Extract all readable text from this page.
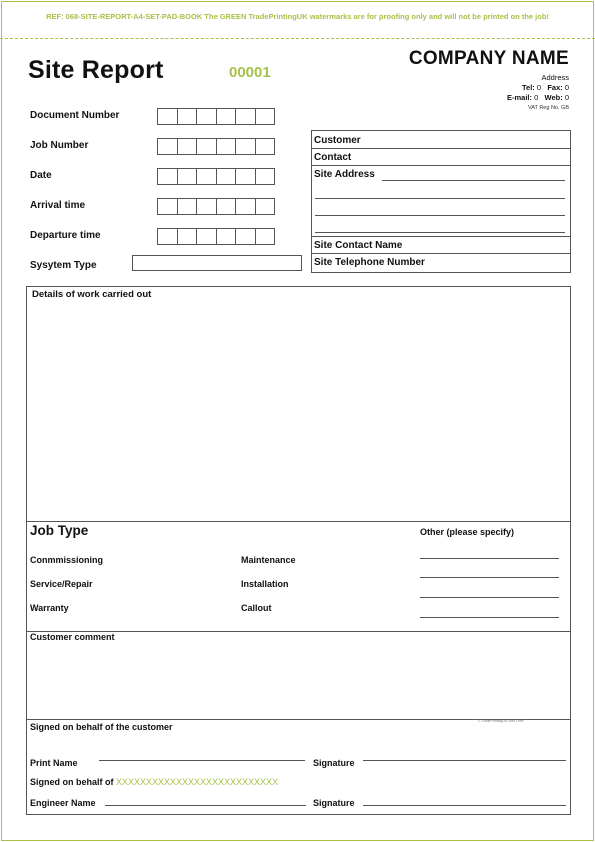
REF: 068-SITE-REPORT-A4-SET-PAD-BOOK The GREEN TradePrintingUK watermarks are for proofing only and will not be printed on the job!
Site Report	00001
COMPANY NAME
Address
Tel: 0 Fax: 0
E-mail: 0 Web: 0
VAT Reg No. GB
Document Number
Job Number
Date
Arrival time
Departure time
Sysytem Type
Customer
Contact
Site Address
Site Contact Name
Site Telephone Number
Details of work carried out
Job Type
Conmmissioning
Service/Repair
Warranty
Maintenance
Installation
Callout
Other (please specify)
Customer comment
© TradePrintingUK.com • Ref
Signed on behalf of the customer
Print Name	Signature
Signed on behalf of XXXXXXXXXXXXXXXXXXXXXXXXXXX
Engineer Name	Signature
